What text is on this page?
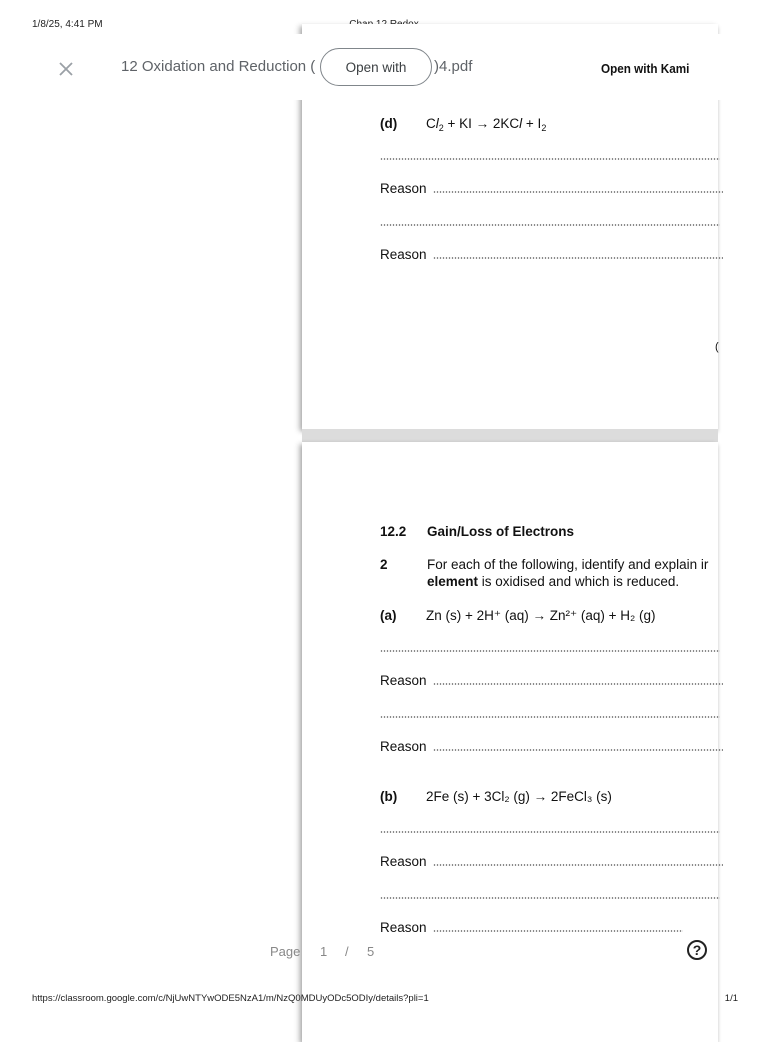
1/8/25, 4:41 PM
12 Oxidation and Reduction (	)4.pdf
Open with	Open with Kami
(d) $Cl_2$ + KI → $2KCl + I_2$
Reason
Reason
(
12.2 Gain/Loss of Electrons
2	For each of the following, identify and explain ir
element is oxidised and which is reduced.
(a) Zn (s) + 2H⁺ (aq) → Zn²⁺ (aq) + H₂ (g)
Reason
Reason
(b) 2Fe (s) + 3Cl₂ (g) → 2FeCl₃ (s)
Reason
Reason
Page 1 / 5	?
https://classroom.google.com/c/NjUwNTYwODE5NzA1/m/NzQ0MDUyODc5ODIy/details?pli=1	1/1
